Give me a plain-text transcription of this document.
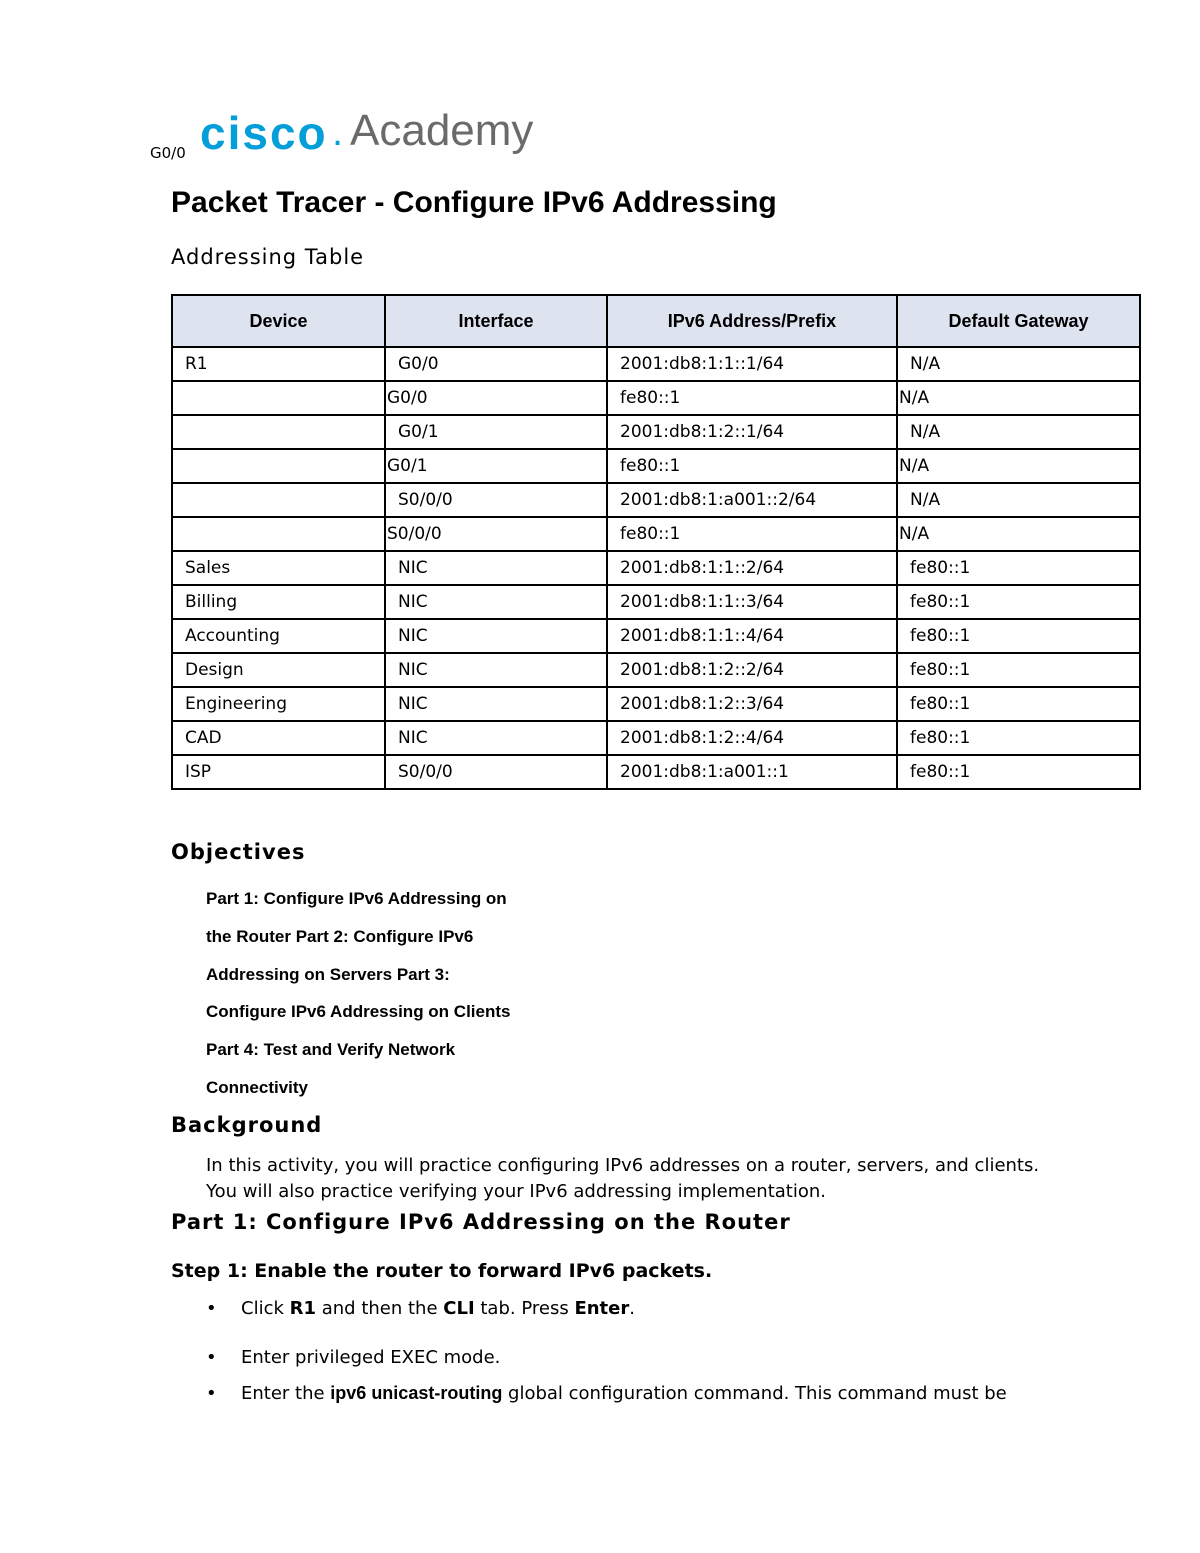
G0/0 cisco . Academy
Packet Tracer - Configure IPv6 Addressing
Addressing Table
Device	Interface	IPv6 Address/Prefix	Default Gateway
R1	G0/0	2001:db8:1:1::1/64	N/A
	G0/0	fe80::1	N/A
	G0/1	2001:db8:1:2::1/64	N/A
	G0/1	fe80::1	N/A
	S0/0/0	2001:db8:1:a001::2/64	N/A
	S0/0/0	fe80::1	N/A
Sales	NIC	2001:db8:1:1::2/64	fe80::1
Billing	NIC	2001:db8:1:1::3/64	fe80::1
Accounting	NIC	2001:db8:1:1::4/64	fe80::1
Design	NIC	2001:db8:1:2::2/64	fe80::1
Engineering	NIC	2001:db8:1:2::3/64	fe80::1
CAD	NIC	2001:db8:1:2::4/64	fe80::1
ISP	S0/0/0	2001:db8:1:a001::1	fe80::1
Objectives
Part 1: Configure IPv6 Addressing on
the Router Part 2: Configure IPv6
Addressing on Servers Part 3:
Configure IPv6 Addressing on Clients
Part 4: Test and Verify Network
Connectivity
Background
In this activity, you will practice configuring IPv6 addresses on a router, servers, and clients. You will also practice verifying your IPv6 addressing implementation.
Part 1: Configure IPv6 Addressing on the Router
Step 1: Enable the router to forward IPv6 packets.
• Click R1 and then the CLI tab. Press Enter.
• Enter privileged EXEC mode.
• Enter the ipv6 unicast-routing global configuration command. This command must be
